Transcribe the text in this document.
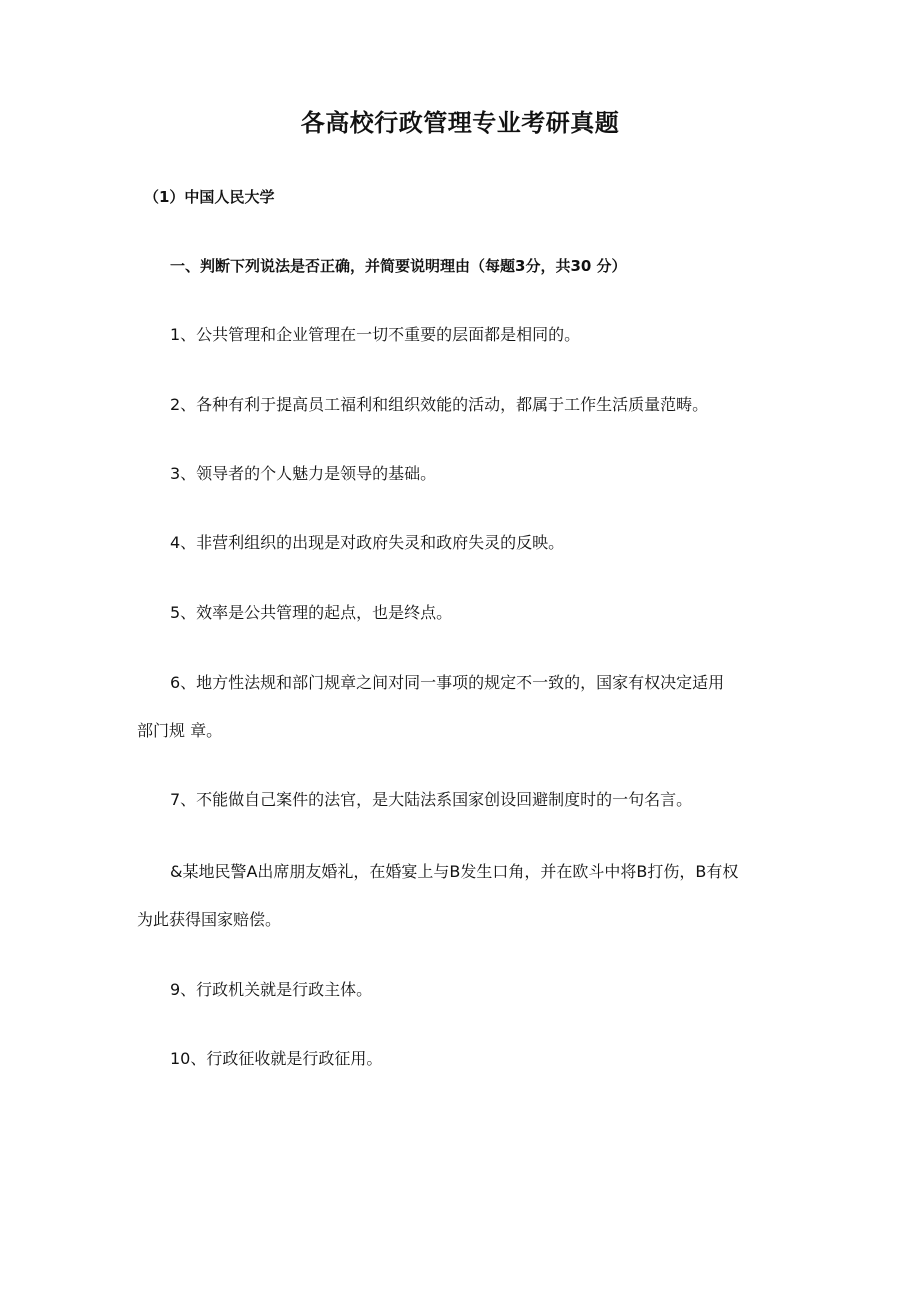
各高校行政管理专业考研真题
（1）中国人民大学
一、判断下列说法是否正确，并简要说明理由（每题3分，共30 分）
1、公共管理和企业管理在一切不重要的层面都是相同的。
2、各种有利于提高员工福利和组织效能的活动，都属于工作生活质量范畴。
3、领导者的个人魅力是领导的基础。
4、非营利组织的出现是对政府失灵和政府失灵的反映。
5、效率是公共管理的起点，也是终点。
6、地方性法规和部门规章之间对同一事项的规定不一致的，国家有权决定适用
部门规 章。
7、不能做自己案件的法官，是大陆法系国家创设回避制度时的一句名言。
&某地民警A出席朋友婚礼，在婚宴上与B发生口角，并在欧斗中将B打伤，B有权
为此获得国家赔偿。
9、行政机关就是行政主体。
10、行政征收就是行政征用。
